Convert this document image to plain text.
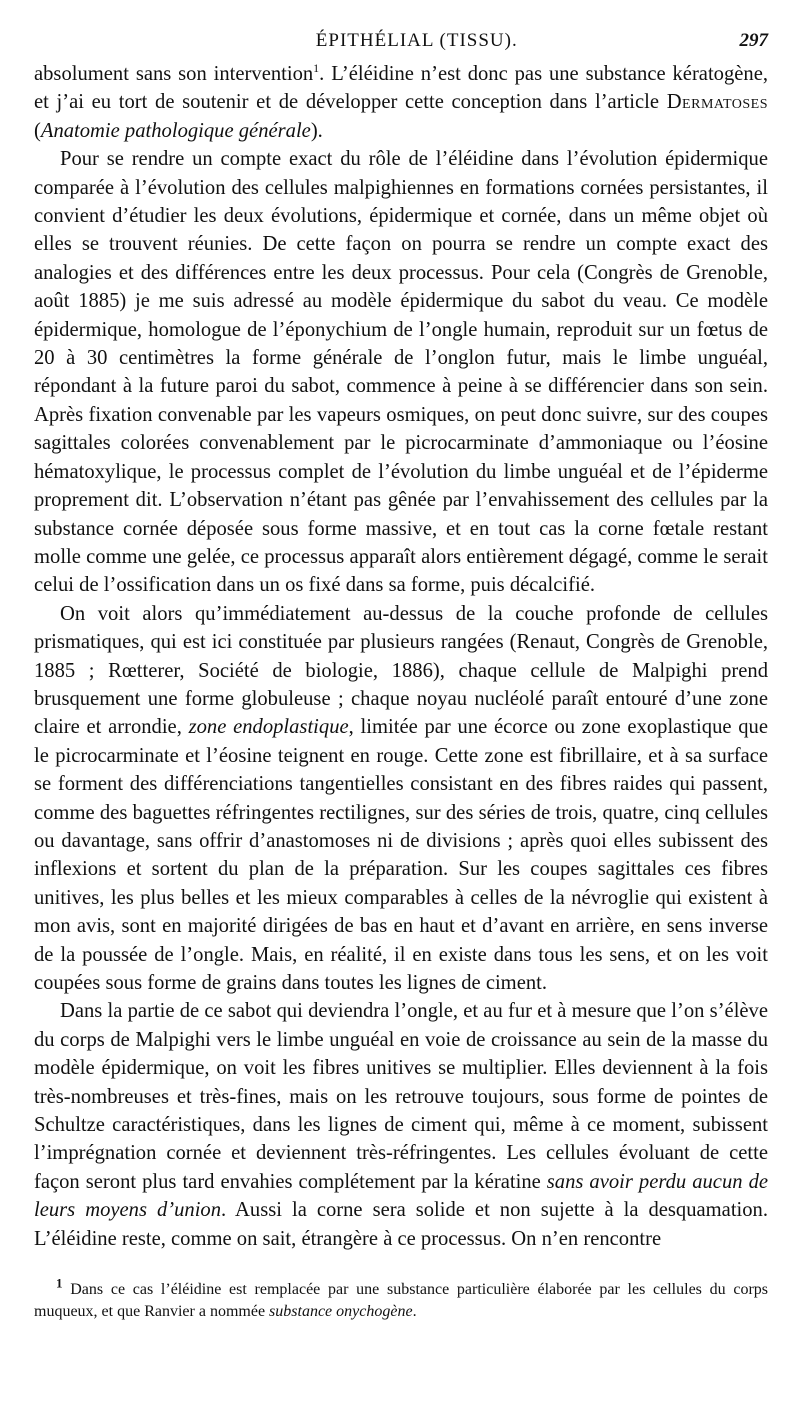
ÉPITHÉLIAL (TISSU).	297

absolument sans son intervention$^1$. L’éléidine n’est donc pas une substance kératogène, et j’ai eu tort de soutenir et de développer cette conception dans l’article Dermatoses (Anatomie pathologique générale).

Pour se rendre un compte exact du rôle de l’éléidine dans l’évolution épidermique comparée à l’évolution des cellules malpighiennes en formations cornées persistantes, il convient d’étudier les deux évolutions, épidermique et cornée, dans un même objet où elles se trouvent réunies. De cette façon on pourra se rendre un compte exact des analogies et des différences entre les deux processus. Pour cela (Congrès de Grenoble, août 1885) je me suis adressé au modèle épidermique du sabot du veau. Ce modèle épidermique, homologue de l’éponychium de l’ongle humain, reproduit sur un fœtus de 20 à 30 centimètres la forme générale de l’onglon futur, mais le limbe unguéal, répondant à la future paroi du sabot, commence à peine à se différencier dans son sein. Après fixation convenable par les vapeurs osmiques, on peut donc suivre, sur des coupes sagittales colorées convenablement par le picrocarminate d’ammoniaque ou l’éosine hématoxylique, le processus complet de l’évolution du limbe unguéal et de l’épiderme proprement dit. L’observation n’étant pas gênée par l’envahissement des cellules par la substance cornée déposée sous forme massive, et en tout cas la corne fœtale restant molle comme une gelée, ce processus apparaît alors entièrement dégagé, comme le serait celui de l’ossification dans un os fixé dans sa forme, puis décalcifié.

On voit alors qu’immédiatement au-dessus de la couche profonde de cellules prismatiques, qui est ici constituée par plusieurs rangées (Renaut, Congrès de Grenoble, 1885 ; Rœtterer, Société de biologie, 1886), chaque cellule de Malpighi prend brusquement une forme globuleuse ; chaque noyau nucléolé paraît entouré d’une zone claire et arrondie, zone endoplastique, limitée par une écorce ou zone exoplastique que le picrocarminate et l’éosine teignent en rouge. Cette zone est fibrillaire, et à sa surface se forment des différenciations tangentielles consistant en des fibres raides qui passent, comme des baguettes réfringentes rectilignes, sur des séries de trois, quatre, cinq cellules ou davantage, sans offrir d’anastomoses ni de divisions ; après quoi elles subissent des inflexions et sortent du plan de la préparation. Sur les coupes sagittales ces fibres unitives, les plus belles et les mieux comparables à celles de la névroglie qui existent à mon avis, sont en majorité dirigées de bas en haut et d’avant en arrière, en sens inverse de la poussée de l’ongle. Mais, en réalité, il en existe dans tous les sens, et on les voit coupées sous forme de grains dans toutes les lignes de ciment.

Dans la partie de ce sabot qui deviendra l’ongle, et au fur et à mesure que l’on s’élève du corps de Malpighi vers le limbe unguéal en voie de croissance au sein de la masse du modèle épidermique, on voit les fibres unitives se multiplier. Elles deviennent à la fois très-nombreuses et très-fines, mais on les retrouve toujours, sous forme de pointes de Schultze caractéristiques, dans les lignes de ciment qui, même à ce moment, subissent l’imprégnation cornée et deviennent très-réfringentes. Les cellules évoluant de cette façon seront plus tard envahies complétement par la kératine sans avoir perdu aucun de leurs moyens d’union. Aussi la corne sera solide et non sujette à la desquamation. L’éléidine reste, comme on sait, étrangère à ce processus. On n’en rencontre

$^1$ Dans ce cas l’éléidine est remplacée par une substance particulière élaborée par les cellules du corps muqueux, et que Ranvier a nommée substance onychogène.
